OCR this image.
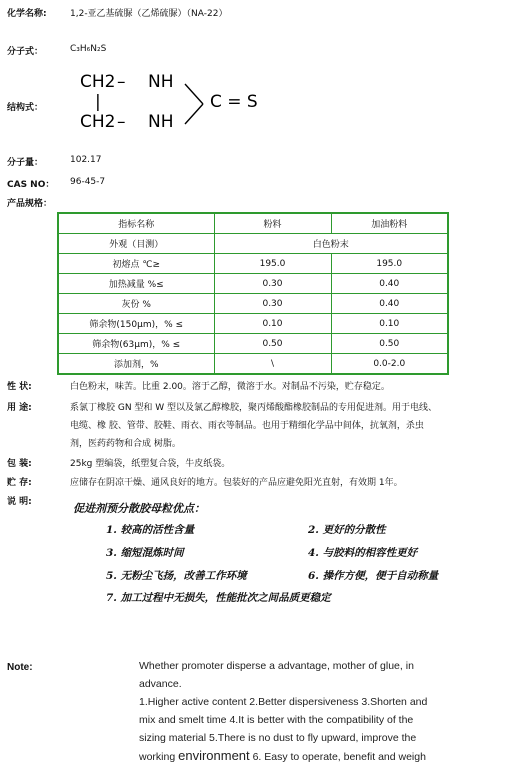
化学名称:	1,2-亚乙基硫脲（乙烯硫脲）（NA-22）
分子式：	C₃H₆N₂S
结构式：
CH2 – NH
|
CH2 – NH
C = S
分子量：	102.17
CAS NO： 96-45-7
产品规格：
指标名称	粉料	加油粉料
外观（目测）	白色粉末	
初熔点 ℃≥	195.0	195.0
加热减量 %≤	0.30	0.40
灰份 %	0.30	0.40
筛余物(150μm)，% ≤	0.10	0.10
筛余物(63μm)，% ≤	0.50	0.50
添加剂，%	\	0.0-2.0
性 状:	白色粉末，味苦。比重 2.00。溶于乙醇，微溶于水。对制品不污染，贮存稳定。
用 途:	系氯丁橡胶 GN 型和 W 型以及氯乙醇橡胶，聚丙烯酸酯橡胶制品的专用促进剂。用于电线、
电缆、橡 胶、管带、胶鞋、雨衣、雨衣等制品。也用于精细化学品中间体，抗氧剂，杀虫
剂，医药药物和合成 树脂。
包 装:	25kg 塑编袋，纸塑复合袋，牛皮纸袋。
贮 存:	应储存在阴凉干燥、通风良好的地方。包装好的产品应避免阳光直射，有效期 1年。
说 明:	促进剂预分散胶母粒优点：
1. 较高的活性含量	2. 更好的分散性
3. 缩短混炼时间	4. 与胶料的相容性更好
5. 无粉尘飞扬，改善工作环境	6. 操作方便，便于自动称量
7. 加工过程中无损失，性能批次之间品质更稳定
Note:	Whether promoter disperse a advantage, mother of glue, in
advance.
1.Higher active content 2.Better dispersiveness 3.Shorten and
mix and smelt time 4.It is better with the compatibility of the
sizing material 5.There is no dust to fly upward, improve the
working environment 6. Easy to operate, benefit and weigh
